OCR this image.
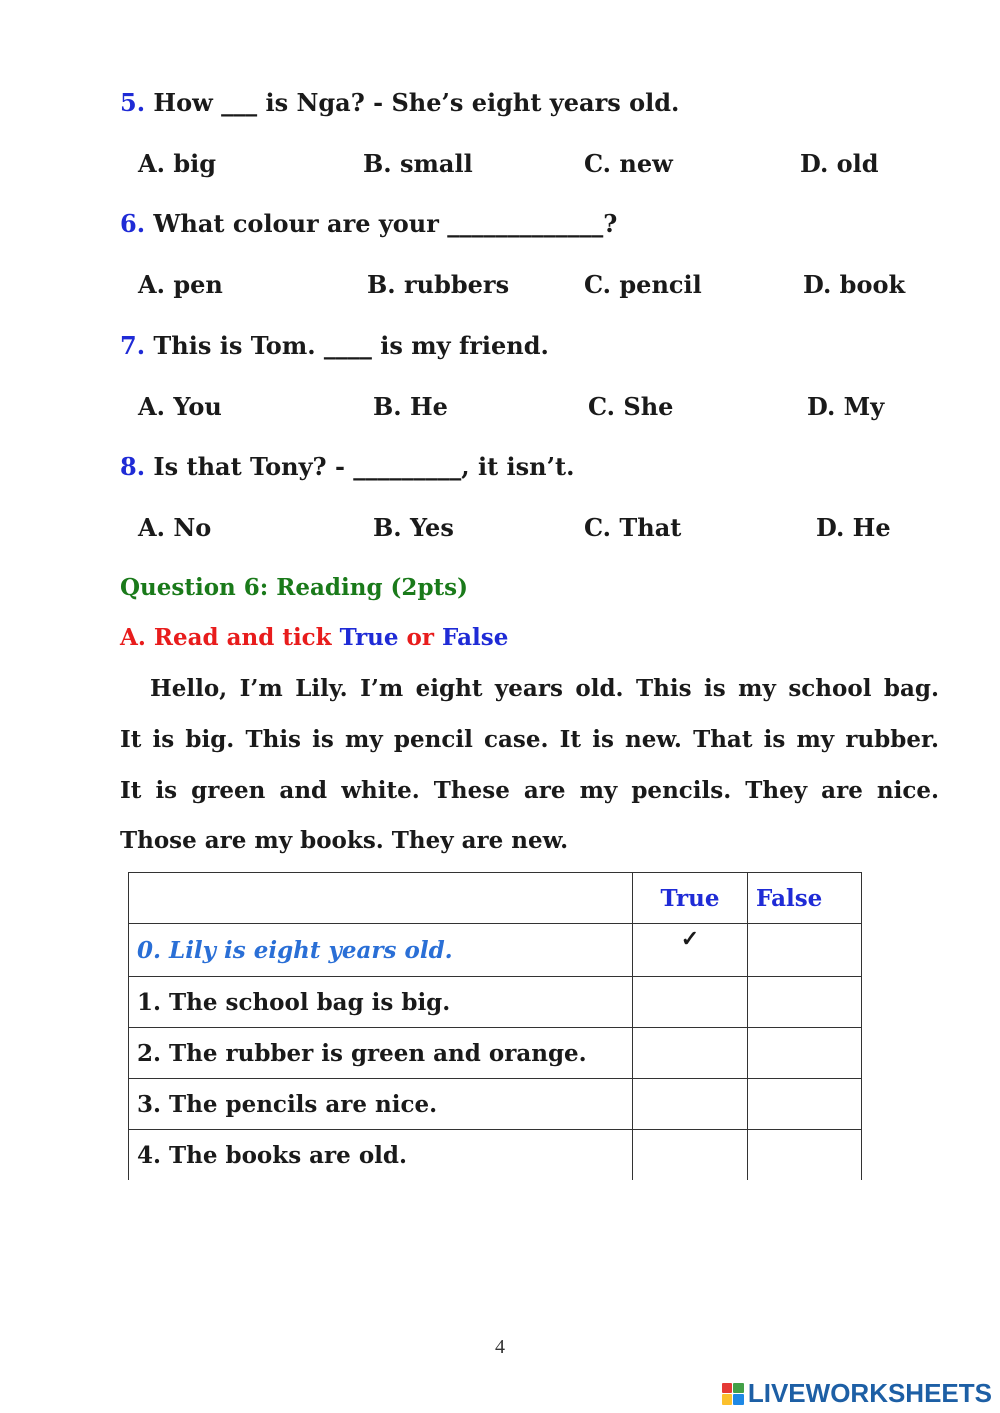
5. How ___ is Nga? - She’s eight years old.
A. big	B. small	C. new	D. old
6. What colour are your _____________?
A. pen	B. rubbers	C. pencil	D. book
7. This is Tom. ____ is my friend.
A. You	B. He	C. She	D. My
8. Is that Tony? - _________, it isn’t.
A. No	B. Yes	C. That	D. He
Question 6: Reading (2pts)
A. Read and tick True or False
Hello, I’m Lily. I’m eight years old. This is my school bag.
It is big. This is my pencil case. It is new. That is my rubber.
It is green and white. These are my pencils. They are nice.
Those are my books. They are new.
	True	False
0. Lily is eight years old.	✓	
1. The school bag is big.		
2. The rubber is green and orange.		
3. The pencils are nice.		
4. The books are old.		
4
LIVEWORKSHEETS
